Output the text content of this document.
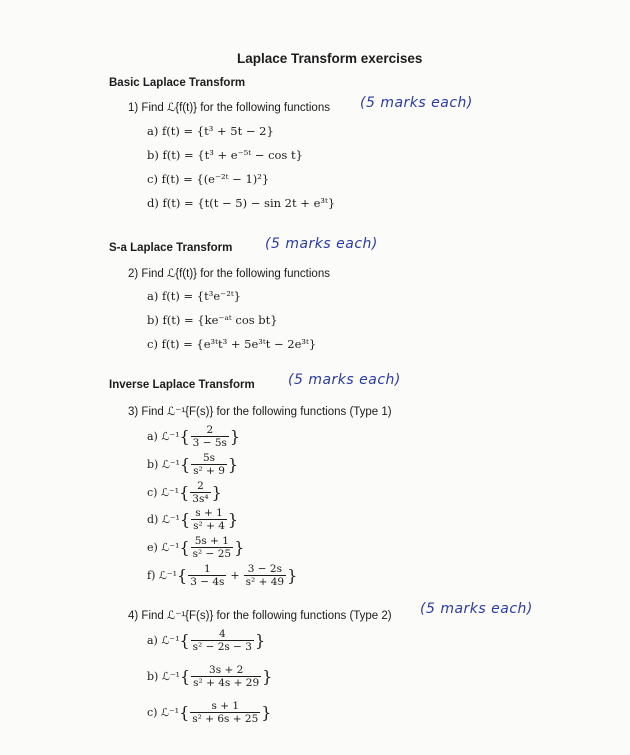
Laplace Transform exercises
Basic Laplace Transform
1) Find ℒ{f(t)} for the following functions (5 marks each)
a) f(t) = {t³ + 5t − 2}
b) f(t) = {t³ + e⁻⁵ᵗ − cos t}
c) f(t) = {(e⁻²ᵗ − 1)²}
d) f(t) = {t(t − 5) − sin 2t + e³ᵗ}
S-a Laplace Transform (5 marks each)
2) Find ℒ{f(t)} for the following functions
a) f(t) = {t³e⁻²ᵗ}
b) f(t) = {ke⁻ᵃᵗ cos bt}
c) f(t) = {e³ᵗt³ + 5e³ᵗt − 2e³ᵗ}
Inverse Laplace Transform (5 marks each)
3) Find ℒ⁻¹{F(s)} for the following functions (Type 1)
a) ℒ⁻¹ { $\frac{2}{3 - 5s}$ }
b) ℒ⁻¹ { $\frac{5s}{\text{s² + 9}}$ }
c) ℒ⁻¹ { $\frac{2}{\text{3s⁴}}$ }
d) ℒ⁻¹ { $\frac{s + 1}{\text{s² + 4}}$ }
e) ℒ⁻¹ { $\frac{5s + 1}{\text{s² − 25}}$ }
f) ℒ⁻¹ { $\frac{1}{3 - 4s} + \frac{3 - 2s}{\text{s² + 49}}$ }
4) Find ℒ⁻¹{F(s)} for the following functions (Type 2) (5 marks each)
a) ℒ⁻¹ { $\frac{4}{\text{s² − 2s − 3}}$ }
b) ℒ⁻¹ { $\frac{3s + 2}{\text{s² + 4s + 29}}$ }
c) ℒ⁻¹ { $\frac{s + 1}{\text{s² + 6s + 25}}$ }
